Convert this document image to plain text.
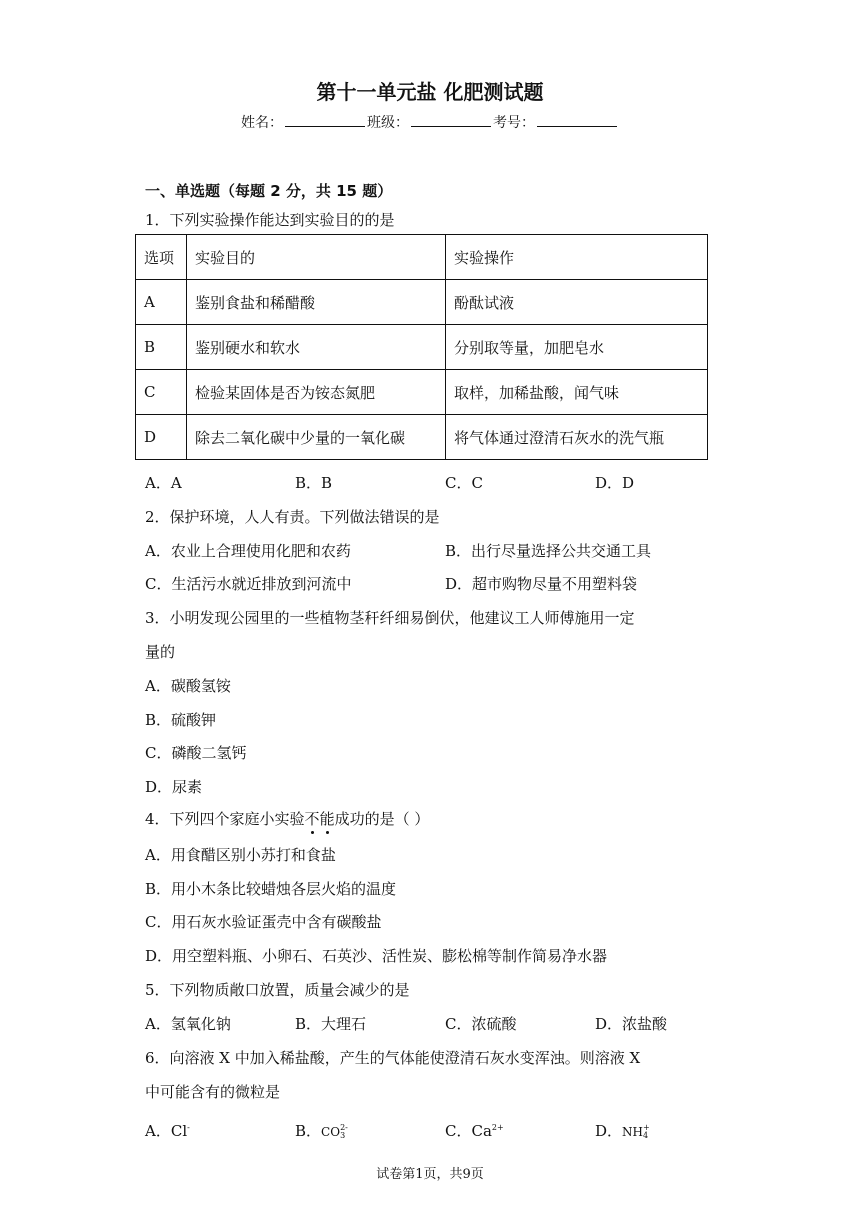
第十一单元盐 化肥测试题
姓名：	班级：	考号：
一、单选题（每题 2 分，共 15 题）
1．下列实验操作能达到实验目的的是
选项	实验目的	实验操作
A	鉴别食盐和稀醋酸	酚酞试液
B	鉴别硬水和软水	分别取等量，加肥皂水
C	检验某固体是否为铵态氮肥	取样，加稀盐酸，闻气味
D	除去二氧化碳中少量的一氧化碳	将气体通过澄清石灰水的洗气瓶
A．A	B．B	C．C	D．D
2．保护环境，人人有责。下列做法错误的是
A．农业上合理使用化肥和农药	B．出行尽量选择公共交通工具
C．生活污水就近排放到河流中	D．超市购物尽量不用塑料袋
3．小明发现公园里的一些植物茎秆纤细易倒伏，他建议工人师傅施用一定
量的
A．碳酸氢铵
B．硫酸钾
C．磷酸二氢钙
D．尿素
4．下列四个家庭小实验不能成功的是（ ）
A．用食醋区别小苏打和食盐
B．用小木条比较蜡烛各层火焰的温度
C．用石灰水验证蛋壳中含有碳酸盐
D．用空塑料瓶、小卵石、石英沙、活性炭、膨松棉等制作简易净水器
5．下列物质敞口放置，质量会减少的是
A．氢氧化钠	B．大理石	C．浓硫酸	D．浓盐酸
6．向溶液 X 中加入稀盐酸，产生的气体能使澄清石灰水变浑浊。则溶液 X
中可能含有的微粒是
A．Cl-	B．CO 2-
3	C．$Ca^{2+}$	D．NH +
4
试卷第1页，共9页
